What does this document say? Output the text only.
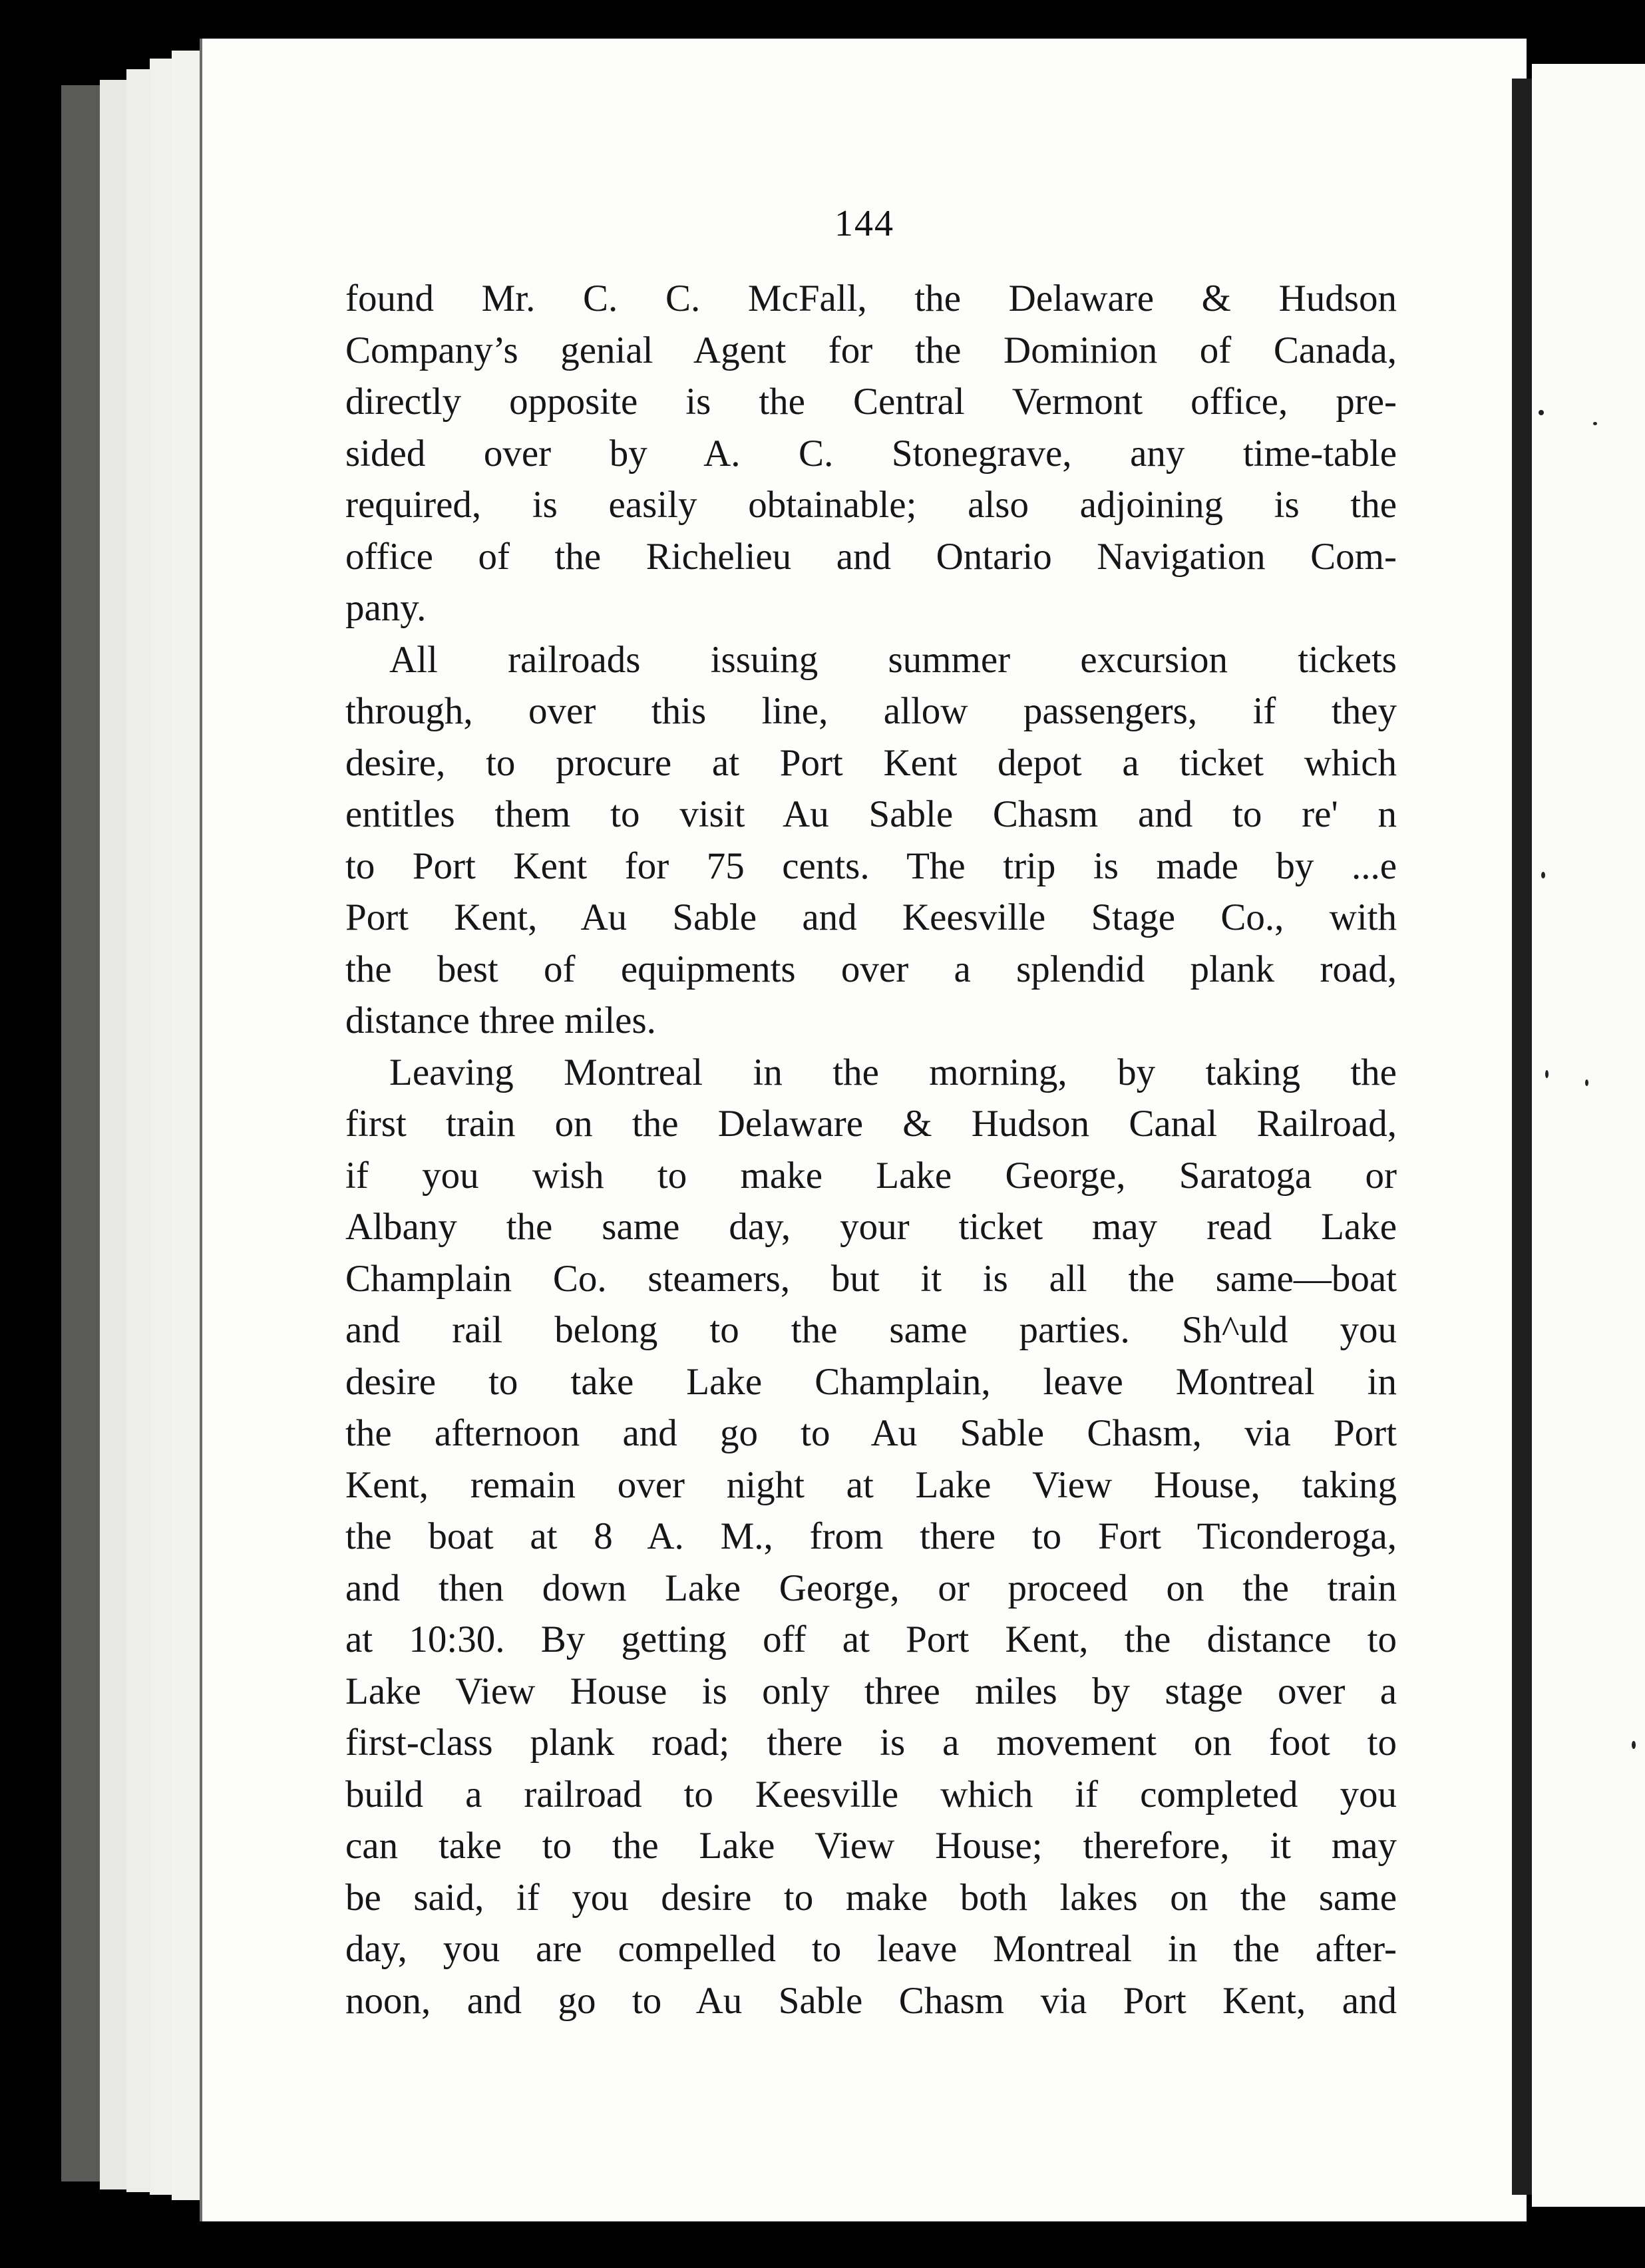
144
found Mr. C. C. McFall, the Delaware & Hudson
Company’s genial Agent for the Dominion of Canada,
directly opposite is the Central Vermont office, pre-
sided over by A. C. Stonegrave, any time-table
required, is easily obtainable; also adjoining is the
office of the Richelieu and Ontario Navigation Com-
pany.
All railroads issuing summer excursion tickets
through, over this line, allow passengers, if they
desire, to procure at Port Kent depot a ticket which
entitles them to visit Au Sable Chasm and to re' n
to Port Kent for 75 cents. The trip is made by ...e
Port Kent, Au Sable and Keesville Stage Co., with
the best of equipments over a splendid plank road,
distance three miles.
Leaving Montreal in the morning, by taking the
first train on the Delaware & Hudson Canal Railroad,
if you wish to make Lake George, Saratoga or
Albany the same day, your ticket may read Lake
Champlain Co. steamers, but it is all the same—boat
and rail belong to the same parties. Sh^uld you
desire to take Lake Champlain, leave Montreal in
the afternoon and go to Au Sable Chasm, via Port
Kent, remain over night at Lake View House, taking
the boat at 8 A. M., from there to Fort Ticonderoga,
and then down Lake George, or proceed on the train
at 10:30. By getting off at Port Kent, the distance to
Lake View House is only three miles by stage over a
first-class plank road; there is a movement on foot to
build a railroad to Keesville which if completed you
can take to the Lake View House; therefore, it may
be said, if you desire to make both lakes on the same
day, you are compelled to leave Montreal in the after-
noon, and go to Au Sable Chasm via Port Kent, and
